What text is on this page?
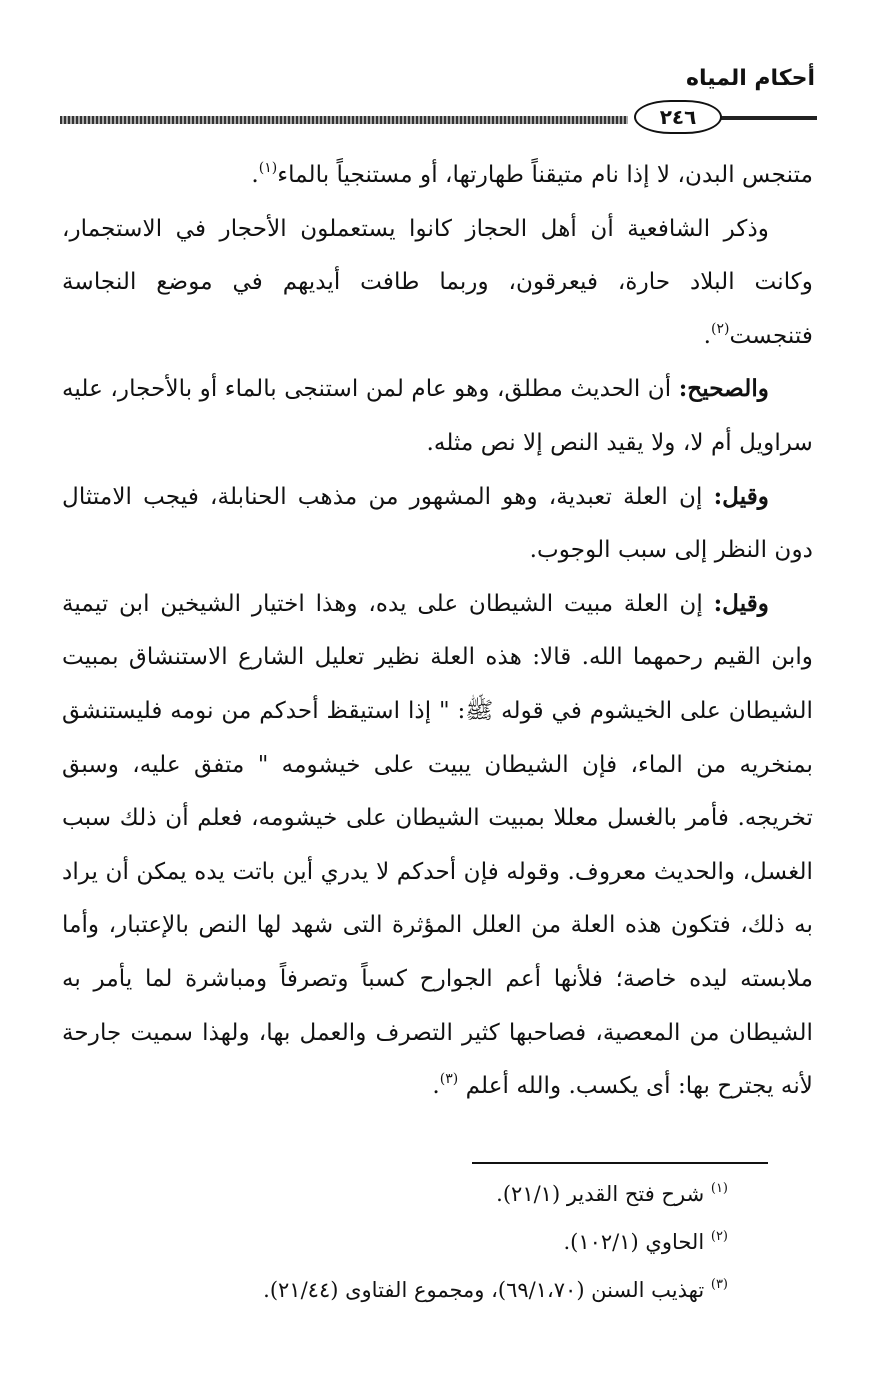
أحكام المياه
٢٤٦

متنجس البدن، لا إذا نام متيقناً طهارتها، أو مستنجياً بالماء$^{(١)}$.

وذكر الشافعية أن أهل الحجاز كانوا يستعملون الأحجار في الاستجمار، وكانت البلاد حارة، فيعرقون، وربما طافت أيديهم في موضع النجاسة فتنجست$^{(٢)}$.

والصحيح: أن الحديث مطلق، وهو عام لمن استنجى بالماء أو بالأحجار، عليه سراويل أم لا، ولا يقيد النص إلا نص مثله.

وقيل: إن العلة تعبدية، وهو المشهور من مذهب الحنابلة، فيجب الامتثال دون النظر إلى سبب الوجوب.

وقيل: إن العلة مبيت الشيطان على يده، وهذا اختيار الشيخين ابن تيمية وابن القيم رحمهما الله. قالا: هذه العلة نظير تعليل الشارع الاستنشاق بمبيت الشيطان على الخيشوم في قوله ﷺ: " إذا استيقظ أحدكم من نومه فليستنشق بمنخريه من الماء، فإن الشيطان يبيت على خيشومه " متفق عليه، وسبق تخريجه. فأمر بالغسل معللا بمبيت الشيطان على خيشومه، فعلم أن ذلك سبب الغسل، والحديث معروف. وقوله فإن أحدكم لا يدري أين باتت يده يمكن أن يراد به ذلك، فتكون هذه العلة من العلل المؤثرة التى شهد لها النص بالإعتبار، وأما ملابسته ليده خاصة؛ فلأنها أعم الجوارح كسباً وتصرفاً ومباشرة لما يأمر به الشيطان من المعصية، فصاحبها كثير التصرف والعمل بها، ولهذا سميت جارحة لأنه يجترح بها: أى يكسب. والله أعلم $^{(٣)}$.

$^{(١)}$ شرح فتح القدير (٢١/١).

$^{(٢)}$ الحاوي (١٠٢/١).

$^{(٣)}$ تهذيب السنن (٦٩/١،٧٠)، ومجموع الفتاوى (٢١/٤٤).
